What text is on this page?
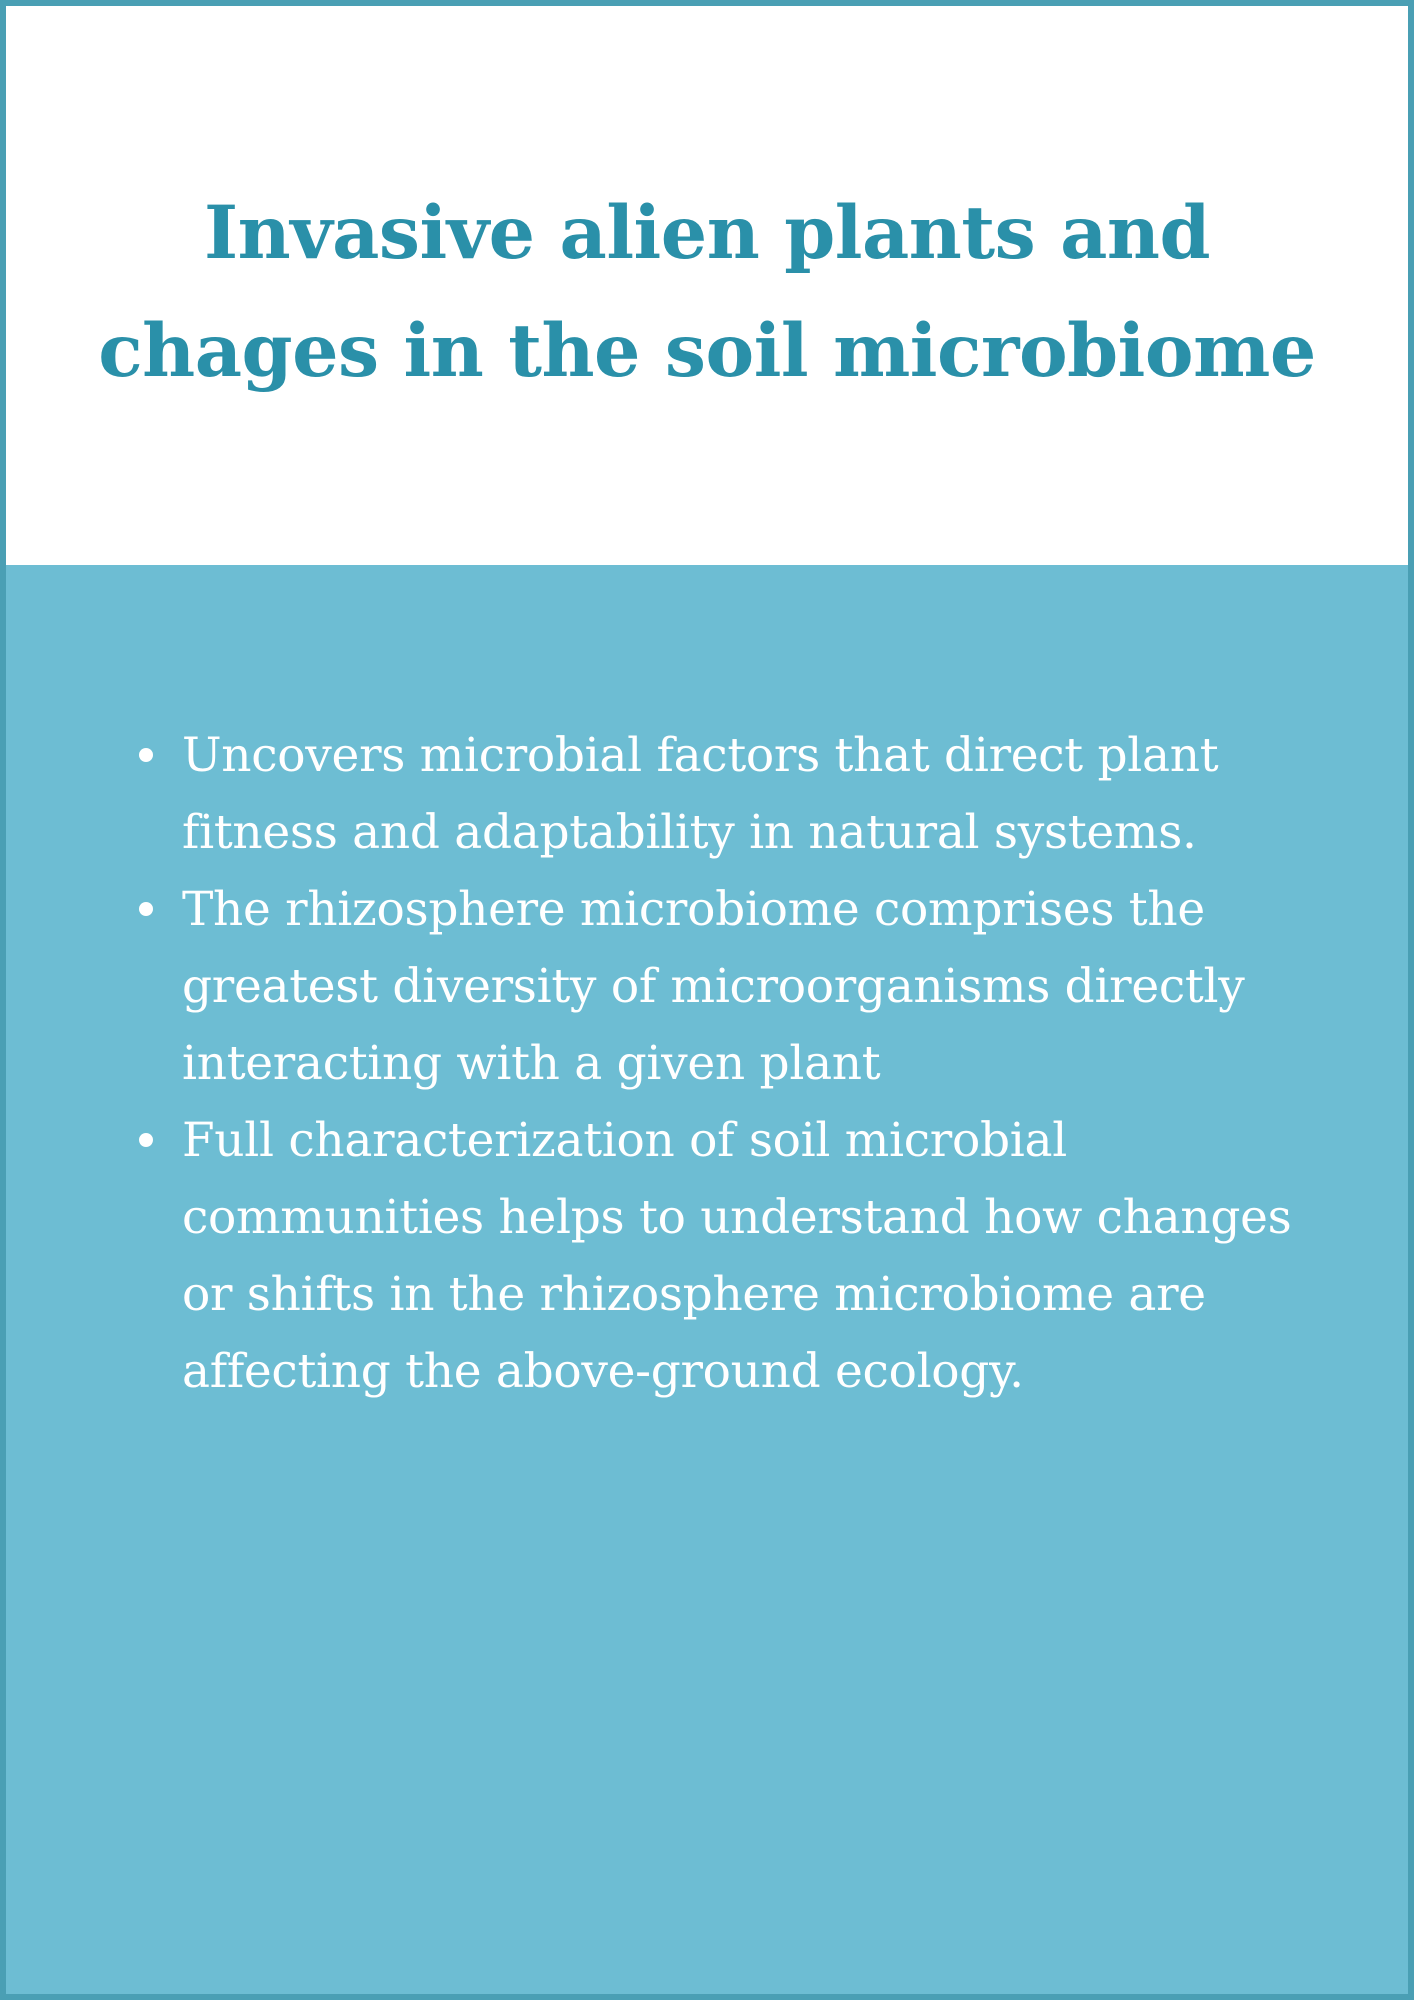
Invasive alien plants and
chages in the soil microbiome
Uncovers microbial factors that direct plant
fitness and adaptability in natural systems.
The rhizosphere microbiome comprises the
greatest diversity of microorganisms directly
interacting with a given plant
Full characterization of soil microbial
communities helps to understand how changes
or shifts in the rhizosphere microbiome are
affecting the above-ground ecology.
